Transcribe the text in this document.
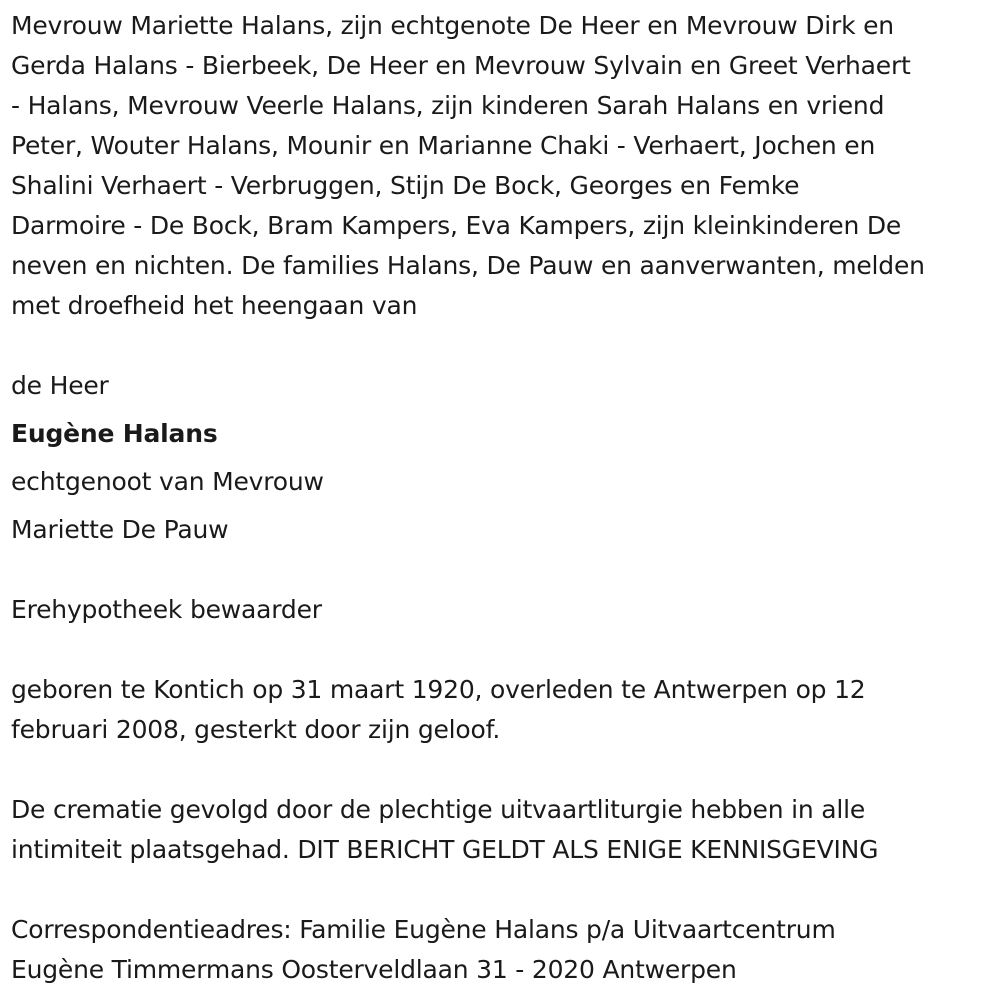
Mevrouw Mariette Halans, zijn echtgenote De Heer en Mevrouw Dirk en
Gerda Halans - Bierbeek, De Heer en Mevrouw Sylvain en Greet Verhaert
- Halans, Mevrouw Veerle Halans, zijn kinderen Sarah Halans en vriend
Peter, Wouter Halans, Mounir en Marianne Chaki - Verhaert, Jochen en
Shalini Verhaert - Verbruggen, Stijn De Bock, Georges en Femke
Darmoire - De Bock, Bram Kampers, Eva Kampers, zijn kleinkinderen De
neven en nichten. De families Halans, De Pauw en aanverwanten, melden
met droefheid het heengaan van

de Heer
Eugène Halans
echtgenoot van Mevrouw
Mariette De Pauw

Erehypotheek bewaarder

geboren te Kontich op 31 maart 1920, overleden te Antwerpen op 12
februari 2008, gesterkt door zijn geloof.

De crematie gevolgd door de plechtige uitvaartliturgie hebben in alle
intimiteit plaatsgehad. DIT BERICHT GELDT ALS ENIGE KENNISGEVING

Correspondentieadres: Familie Eugène Halans p/a Uitvaartcentrum
Eugène Timmermans Oosterveldlaan 31 - 2020 Antwerpen
